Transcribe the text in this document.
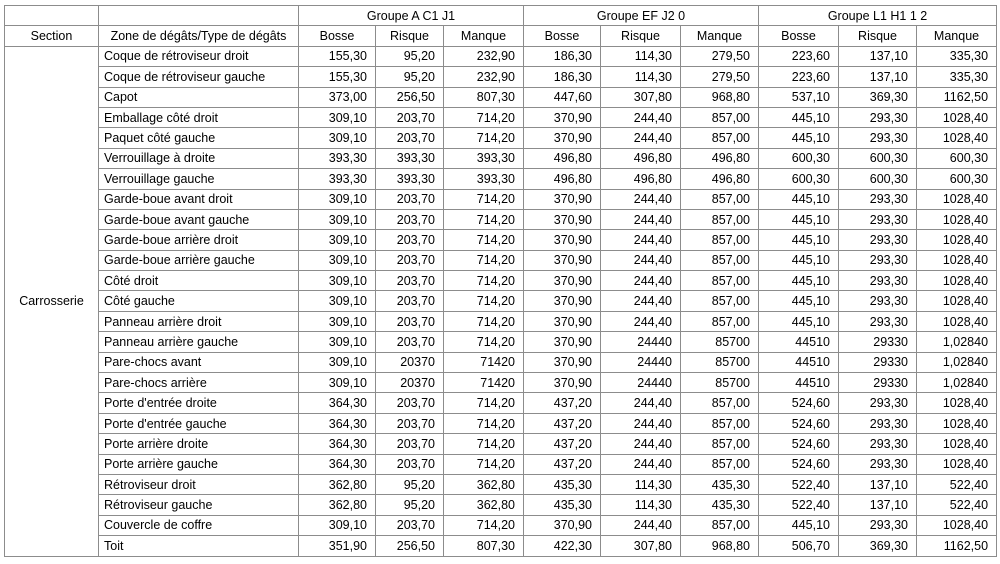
		Groupe A C1 J1			Groupe EF J2 0			Groupe L1 H1 1 2		
Section	Zone de dégâts/Type de dégâts	Bosse	Risque	Manque	Bosse	Risque	Manque	Bosse	Risque	Manque
Carrosserie	Coque de rétroviseur droit	155,30	95,20	232,90	186,30	114,30	279,50	223,60	137,10	335,30
	Coque de rétroviseur gauche	155,30	95,20	232,90	186,30	114,30	279,50	223,60	137,10	335,30
	Capot	373,00	256,50	807,30	447,60	307,80	968,80	537,10	369,30	1162,50
	Emballage côté droit	309,10	203,70	714,20	370,90	244,40	857,00	445,10	293,30	1028,40
	Paquet côté gauche	309,10	203,70	714,20	370,90	244,40	857,00	445,10	293,30	1028,40
	Verrouillage à droite	393,30	393,30	393,30	496,80	496,80	496,80	600,30	600,30	600,30
	Verrouillage gauche	393,30	393,30	393,30	496,80	496,80	496,80	600,30	600,30	600,30
	Garde-boue avant droit	309,10	203,70	714,20	370,90	244,40	857,00	445,10	293,30	1028,40
	Garde-boue avant gauche	309,10	203,70	714,20	370,90	244,40	857,00	445,10	293,30	1028,40
	Garde-boue arrière droit	309,10	203,70	714,20	370,90	244,40	857,00	445,10	293,30	1028,40
	Garde-boue arrière gauche	309,10	203,70	714,20	370,90	244,40	857,00	445,10	293,30	1028,40
	Côté droit	309,10	203,70	714,20	370,90	244,40	857,00	445,10	293,30	1028,40
	Côté gauche	309,10	203,70	714,20	370,90	244,40	857,00	445,10	293,30	1028,40
	Panneau arrière droit	309,10	203,70	714,20	370,90	244,40	857,00	445,10	293,30	1028,40
	Panneau arrière gauche	309,10	203,70	714,20	370,90	24440	85700	44510	29330	1,02840
	Pare-chocs avant	309,10	20370	71420	370,90	24440	85700	44510	29330	1,02840
	Pare-chocs arrière	309,10	20370	71420	370,90	24440	85700	44510	29330	1,02840
	Porte d'entrée droite	364,30	203,70	714,20	437,20	244,40	857,00	524,60	293,30	1028,40
	Porte d'entrée gauche	364,30	203,70	714,20	437,20	244,40	857,00	524,60	293,30	1028,40
	Porte arrière droite	364,30	203,70	714,20	437,20	244,40	857,00	524,60	293,30	1028,40
	Porte arrière gauche	364,30	203,70	714,20	437,20	244,40	857,00	524,60	293,30	1028,40
	Rétroviseur droit	362,80	95,20	362,80	435,30	114,30	435,30	522,40	137,10	522,40
	Rétroviseur gauche	362,80	95,20	362,80	435,30	114,30	435,30	522,40	137,10	522,40
	Couvercle de coffre	309,10	203,70	714,20	370,90	244,40	857,00	445,10	293,30	1028,40
	Toit	351,90	256,50	807,30	422,30	307,80	968,80	506,70	369,30	1162,50
